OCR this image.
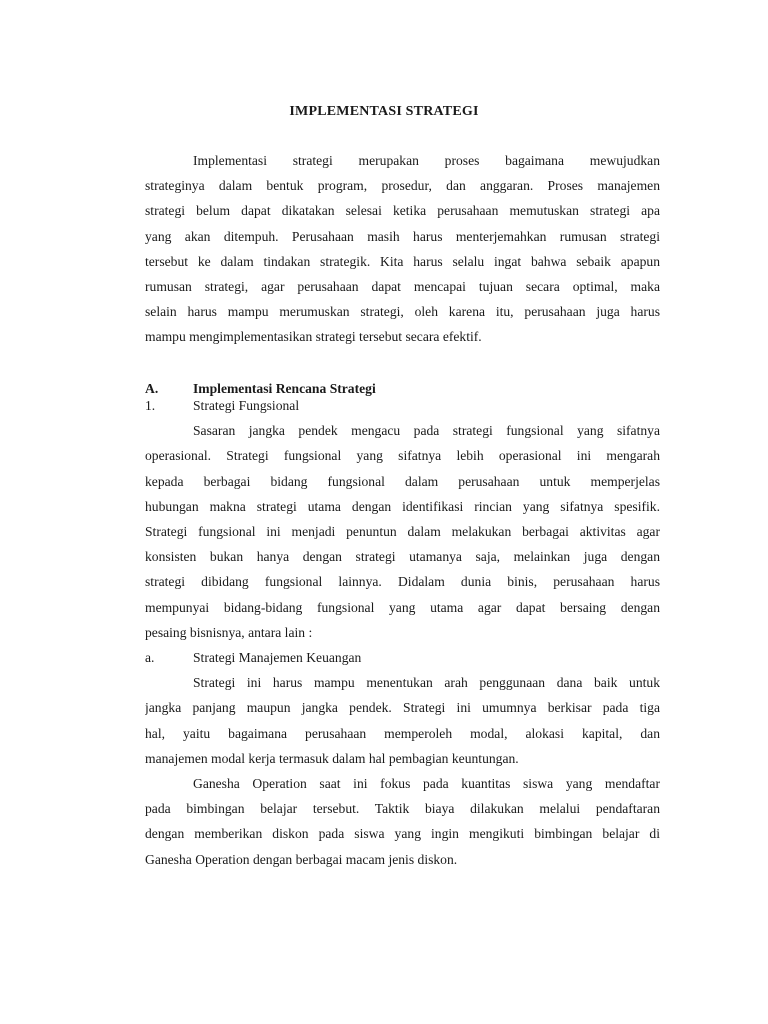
IMPLEMENTASI STRATEGI
Implementasi strategi merupakan proses bagaimana mewujudkan
strateginya dalam bentuk program, prosedur, dan anggaran. Proses manajemen
strategi belum dapat dikatakan selesai ketika perusahaan memutuskan strategi apa
yang akan ditempuh. Perusahaan masih harus menterjemahkan rumusan strategi
tersebut ke dalam tindakan strategik. Kita harus selalu ingat bahwa sebaik apapun
rumusan strategi, agar perusahaan dapat mencapai tujuan secara optimal, maka
selain harus mampu merumuskan strategi, oleh karena itu, perusahaan juga harus
mampu mengimplementasikan strategi tersebut secara efektif.
A.	Implementasi Rencana Strategi
1.	Strategi Fungsional
Sasaran jangka pendek mengacu pada strategi fungsional yang sifatnya
operasional. Strategi fungsional yang sifatnya lebih operasional ini mengarah
kepada berbagai bidang fungsional dalam perusahaan untuk memperjelas
hubungan makna strategi utama dengan identifikasi rincian yang sifatnya spesifik.
Strategi fungsional ini menjadi penuntun dalam melakukan berbagai aktivitas agar
konsisten bukan hanya dengan strategi utamanya saja, melainkan juga dengan
strategi dibidang fungsional lainnya. Didalam dunia binis, perusahaan harus
mempunyai bidang-bidang fungsional yang utama agar dapat bersaing dengan
pesaing bisnisnya, antara lain :
a.	Strategi Manajemen Keuangan
Strategi ini harus mampu menentukan arah penggunaan dana baik untuk
jangka panjang maupun jangka pendek. Strategi ini umumnya berkisar pada tiga
hal, yaitu bagaimana perusahaan memperoleh modal, alokasi kapital, dan
manajemen modal kerja termasuk dalam hal pembagian keuntungan.
Ganesha Operation saat ini fokus pada kuantitas siswa yang mendaftar
pada bimbingan belajar tersebut. Taktik biaya dilakukan melalui pendaftaran
dengan memberikan diskon pada siswa yang ingin mengikuti bimbingan belajar di
Ganesha Operation dengan berbagai macam jenis diskon.
